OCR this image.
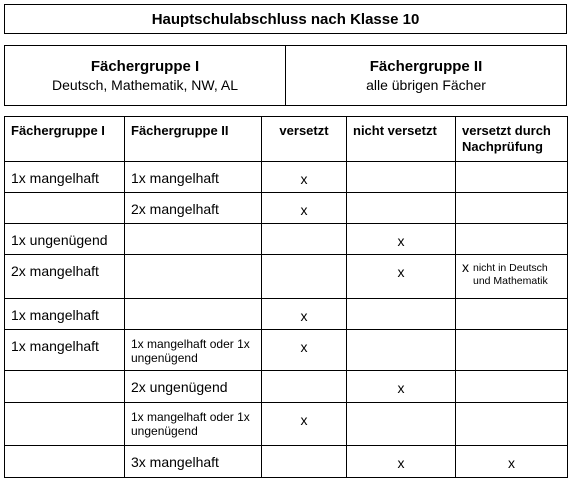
Hauptschulabschluss nach Klasse 10
Fächergruppe I
Deutsch, Mathematik, NW, AL
Fächergruppe II
alle übrigen Fächer
Fächergruppe I	Fächergruppe II	versetzt	nicht versetzt	versetzt durch Nachprüfung
1x mangelhaft	1x mangelhaft	x		
	2x mangelhaft	x		
1x ungenügend			x	
2x mangelhaft			x	x nicht in Deutsch und Mathematik

1x mangelhaft		x		
1x mangelhaft	1x mangelhaft oder 1x ungenügend	x		
	2x ungenügend		x	
	1x mangelhaft oder 1x ungenügend	x		
	3x mangelhaft		x	x
